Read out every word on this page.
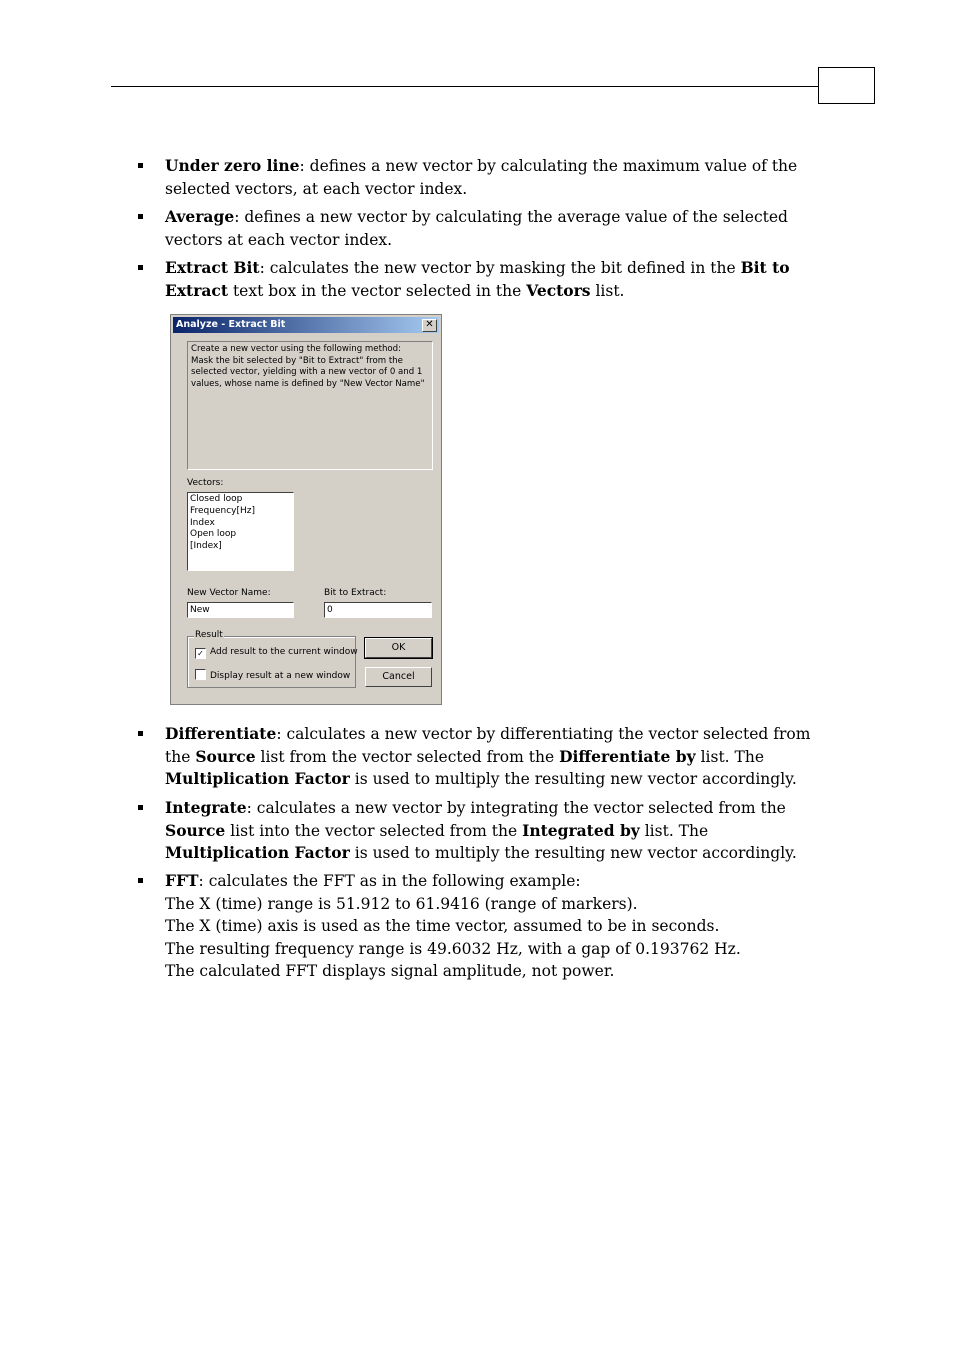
Under zero line: defines a new vector by calculating the maximum value of the selected vectors, at each vector index.
Average: defines a new vector by calculating the average value of the selected vectors at each vector index.
Extract Bit: calculates the new vector by masking the bit defined in the Bit to Extract text box in the vector selected in the Vectors list.
Analyze - Extract Bit	✕
Create a new vector using the following method:
Mask the bit selected by "Bit to Extract" from the
selected vector, yielding with a new vector of 0 and 1
values, whose name is defined by "New Vector Name"
Vectors:
Closed loop
Frequency[Hz]
Index
Open loop
[Index]
New Vector Name:
New
Bit to Extract:
0
Result
✓ Add result to the current window
Display result at a new window
OK
Cancel
Differentiate: calculates a new vector by differentiating the vector selected from the Source list from the vector selected from the Differentiate by list. The Multiplication Factor is used to multiply the resulting new vector accordingly.
Integrate: calculates a new vector by integrating the vector selected from the Source list into the vector selected from the Integrated by list. The Multiplication Factor is used to multiply the resulting new vector accordingly.
FFT: calculates the FFT as in the following example:
The X (time) range is 51.912 to 61.9416 (range of markers).
The X (time) axis is used as the time vector, assumed to be in seconds.
The resulting frequency range is 49.6032 Hz, with a gap of 0.193762 Hz.
The calculated FFT displays signal amplitude, not power.
